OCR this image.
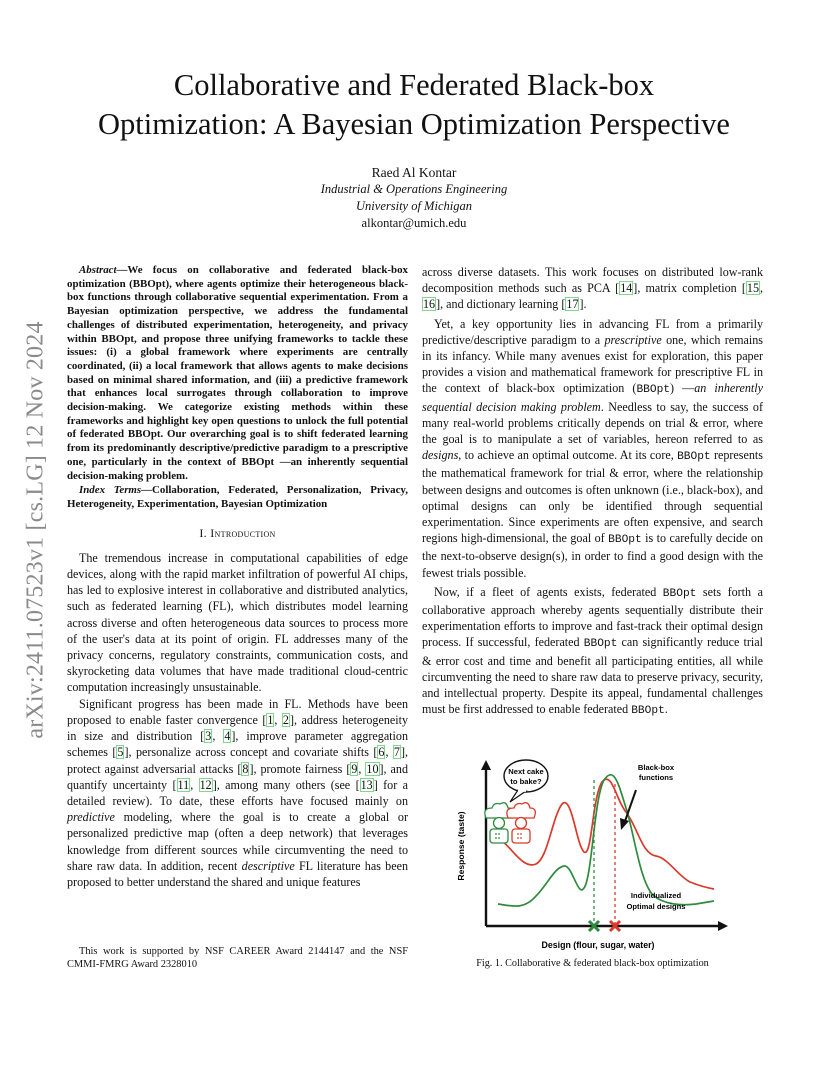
arXiv:2411.07523v1 [cs.LG] 12 Nov 2024
Collaborative and Federated Black-box
Optimization: A Bayesian Optimization Perspective
Raed Al Kontar
Industrial & Operations Engineering
University of Michigan
alkontar@umich.edu

Abstract—We focus on collaborative and federated black-box optimization (BBOpt), where agents optimize their heterogeneous black-box functions through collaborative sequential experimentation. From a Bayesian optimization perspective, we address the fundamental challenges of distributed experimentation, heterogeneity, and privacy within BBOpt, and propose three unifying frameworks to tackle these issues: (i) a global framework where experiments are centrally coordinated, (ii) a local framework that allows agents to make decisions based on minimal shared information, and (iii) a predictive framework that enhances local surrogates through collaboration to improve decision-making. We categorize existing methods within these frameworks and highlight key open questions to unlock the full potential of federated BBOpt. Our overarching goal is to shift federated learning from its predominantly descriptive/predictive paradigm to a prescriptive one, particularly in the context of BBOpt —an inherently sequential decision-making problem.

Index Terms—Collaboration, Federated, Personalization, Privacy, Heterogeneity, Experimentation, Bayesian Optimization

I. Introduction

The tremendous increase in computational capabilities of edge devices, along with the rapid market infiltration of powerful AI chips, has led to explosive interest in collaborative and distributed analytics, such as federated learning (FL), which distributes model learning across diverse and often heterogeneous data sources to process more of the user's data at its point of origin. FL addresses many of the privacy concerns, regulatory constraints, communication costs, and skyrocketing data volumes that have made traditional cloud-centric computation increasingly unsustainable.

Significant progress has been made in FL. Methods have been proposed to enable faster convergence [1, 2], address heterogeneity in size and distribution [3, 4], improve parameter aggregation schemes [5], personalize across concept and covariate shifts [6, 7], protect against adversarial attacks [8], promote fairness [9, 10], and quantify uncertainty [11, 12], among many others (see [13] for a detailed review). To date, these efforts have focused mainly on predictive modeling, where the goal is to create a global or personalized predictive map (often a deep network) that leverages knowledge from different sources while circumventing the need to share raw data. In addition, recent descriptive FL literature has been proposed to better understand the shared and unique features

This work is supported by NSF CAREER Award 2144147 and the NSF CMMI-FMRG Award 2328010

across diverse datasets. This work focuses on distributed low-rank decomposition methods such as PCA [14], matrix completion [15, 16], and dictionary learning [17].

Yet, a key opportunity lies in advancing FL from a primarily predictive/descriptive paradigm to a prescriptive one, which remains in its infancy. While many avenues exist for exploration, this paper provides a vision and mathematical framework for prescriptive FL in the context of black-box optimization (BBOpt) —an inherently sequential decision making problem. Needless to say, the success of many real-world problems critically depends on trial & error, where the goal is to manipulate a set of variables, hereon referred to as designs, to achieve an optimal outcome. At its core, BBOpt represents the mathematical framework for trial & error, where the relationship between designs and outcomes is often unknown (i.e., black-box), and optimal designs can only be identified through sequential experimentation. Since experiments are often expensive, and search regions high-dimensional, the goal of BBOpt is to carefully decide on the next-to-observe design(s), in order to find a good design with the fewest trials possible.

Now, if a fleet of agents exists, federated BBOpt sets forth a collaborative approach whereby agents sequentially distribute their experimentation efforts to improve and fast-track their optimal design process. If successful, federated BBOpt can significantly reduce trial & error cost and time and benefit all participating entities, all while circumventing the need to share raw data to preserve privacy, security, and intellectual property. Despite its appeal, fundamental challenges must be first addressed to enable federated BBOpt.

Next cake
to bake?
Black-box
functions
Individualized
Optimal designs
Response (taste)
Design (flour, sugar, water)
Fig. 1. Collaborative & federated black-box optimization
